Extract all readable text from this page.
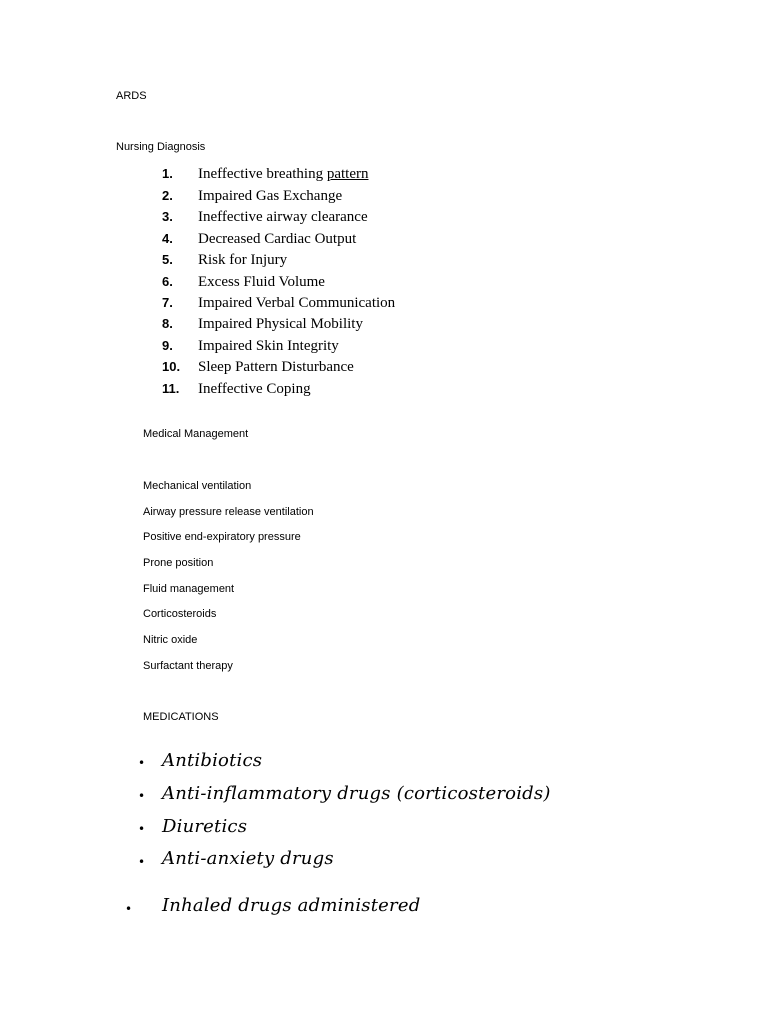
ARDS
Nursing Diagnosis
1.	Ineffective breathing pattern
2.	Impaired Gas Exchange
3.	Ineffective airway clearance
4.	Decreased Cardiac Output
5.	Risk for Injury
6.	Excess Fluid Volume
7.	Impaired Verbal Communication
8.	Impaired Physical Mobility
9.	Impaired Skin Integrity
10.	Sleep Pattern Disturbance
11.	Ineffective Coping
Medical Management
Mechanical ventilation
Airway pressure release ventilation
Positive end-expiratory pressure
Prone position
Fluid management
Corticosteroids
Nitric oxide
Surfactant therapy
MEDICATIONS
• Antibiotics
• Anti-inflammatory drugs (corticosteroids)
• Diuretics
• Anti-anxiety drugs
• Inhaled drugs administered
